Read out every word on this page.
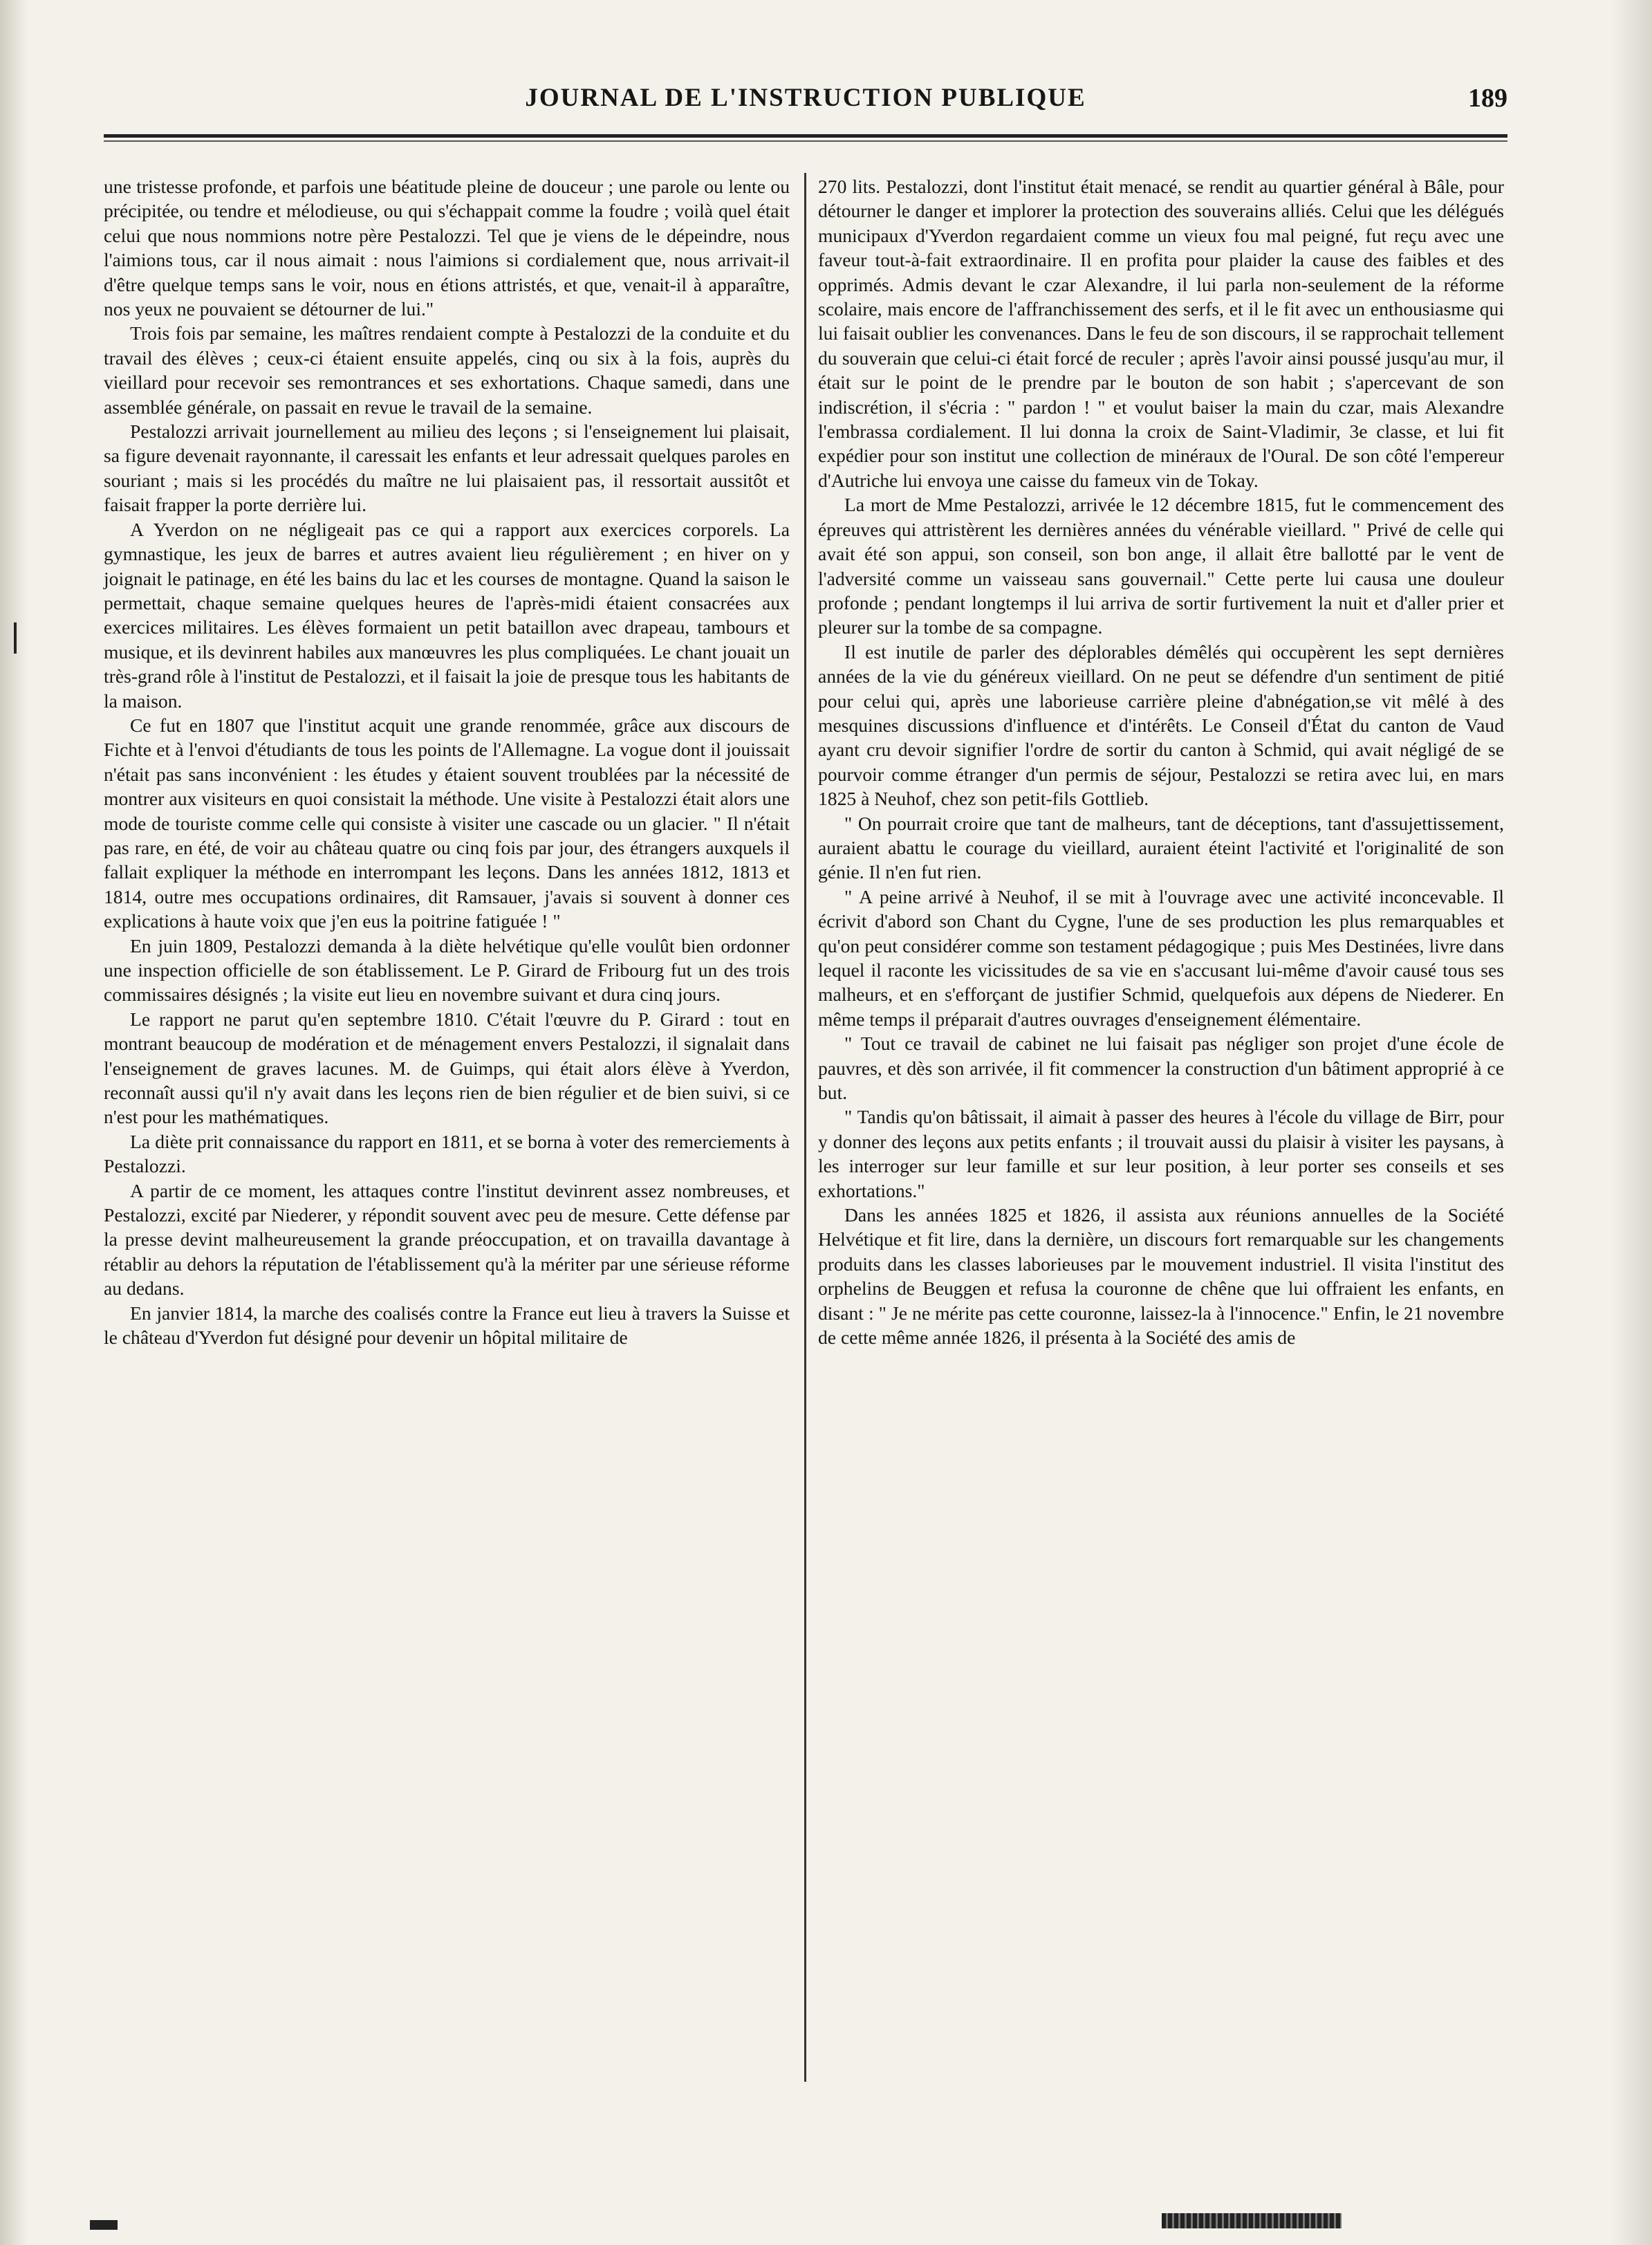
JOURNAL DE L'INSTRUCTION PUBLIQUE	189

une tristesse profonde, et parfois une béatitude pleine de douceur ; une parole ou lente ou précipitée, ou tendre et mélodieuse, ou qui s'échappait comme la foudre ; voilà quel était celui que nous nommions notre père Pestalozzi. Tel que je viens de le dépeindre, nous l'aimions tous, car il nous aimait : nous l'aimions si cordialement que, nous arrivait-il d'être quelque temps sans le voir, nous en étions attristés, et que, venait-il à apparaître, nos yeux ne pouvaient se détourner de lui."

Trois fois par semaine, les maîtres rendaient compte à Pestalozzi de la conduite et du travail des élèves ; ceux-ci étaient ensuite appelés, cinq ou six à la fois, auprès du vieillard pour recevoir ses remontrances et ses exhortations. Chaque samedi, dans une assemblée générale, on passait en revue le travail de la semaine.

Pestalozzi arrivait journellement au milieu des leçons ; si l'enseignement lui plaisait, sa figure devenait rayonnante, il caressait les enfants et leur adressait quelques paroles en souriant ; mais si les procédés du maître ne lui plaisaient pas, il ressortait aussitôt et faisait frapper la porte derrière lui.

A Yverdon on ne négligeait pas ce qui a rapport aux exercices corporels. La gymnastique, les jeux de barres et autres avaient lieu régulièrement ; en hiver on y joignait le patinage, en été les bains du lac et les courses de montagne. Quand la saison le permettait, chaque semaine quelques heures de l'après-midi étaient consacrées aux exercices militaires. Les élèves formaient un petit bataillon avec drapeau, tambours et musique, et ils devinrent habiles aux manœuvres les plus compliquées. Le chant jouait un très-grand rôle à l'institut de Pestalozzi, et il faisait la joie de presque tous les habitants de la maison.

Ce fut en 1807 que l'institut acquit une grande renommée, grâce aux discours de Fichte et à l'envoi d'étudiants de tous les points de l'Allemagne. La vogue dont il jouissait n'était pas sans inconvénient : les études y étaient souvent troublées par la nécessité de montrer aux visiteurs en quoi consistait la méthode. Une visite à Pestalozzi était alors une mode de touriste comme celle qui consiste à visiter une cascade ou un glacier. " Il n'était pas rare, en été, de voir au château quatre ou cinq fois par jour, des étrangers auxquels il fallait expliquer la méthode en interrompant les leçons. Dans les années 1812, 1813 et 1814, outre mes occupations ordinaires, dit Ramsauer, j'avais si souvent à donner ces explications à haute voix que j'en eus la poitrine fatiguée ! "

En juin 1809, Pestalozzi demanda à la diète helvétique qu'elle voulût bien ordonner une inspection officielle de son établissement. Le P. Girard de Fribourg fut un des trois commissaires désignés ; la visite eut lieu en novembre suivant et dura cinq jours.

Le rapport ne parut qu'en septembre 1810. C'était l'œuvre du P. Girard : tout en montrant beaucoup de modération et de ménagement envers Pestalozzi, il signalait dans l'enseignement de graves lacunes. M. de Guimps, qui était alors élève à Yverdon, reconnaît aussi qu'il n'y avait dans les leçons rien de bien régulier et de bien suivi, si ce n'est pour les mathématiques.

La diète prit connaissance du rapport en 1811, et se borna à voter des remerciements à Pestalozzi.

A partir de ce moment, les attaques contre l'institut devinrent assez nombreuses, et Pestalozzi, excité par Niederer, y répondit souvent avec peu de mesure. Cette défense par la presse devint malheureusement la grande préoccupation, et on travailla davantage à rétablir au dehors la réputation de l'établissement qu'à la mériter par une sérieuse réforme au dedans.

En janvier 1814, la marche des coalisés contre la France eut lieu à travers la Suisse et le château d'Yverdon fut désigné pour devenir un hôpital militaire de

270 lits. Pestalozzi, dont l'institut était menacé, se rendit au quartier général à Bâle, pour détourner le danger et implorer la protection des souverains alliés. Celui que les délégués municipaux d'Yverdon regardaient comme un vieux fou mal peigné, fut reçu avec une faveur tout-à-fait extraordinaire. Il en profita pour plaider la cause des faibles et des opprimés. Admis devant le czar Alexandre, il lui parla non-seulement de la réforme scolaire, mais encore de l'affranchissement des serfs, et il le fit avec un enthousiasme qui lui faisait oublier les convenances. Dans le feu de son discours, il se rapprochait tellement du souverain que celui-ci était forcé de reculer ; après l'avoir ainsi poussé jusqu'au mur, il était sur le point de le prendre par le bouton de son habit ; s'apercevant de son indiscrétion, il s'écria : " pardon ! " et voulut baiser la main du czar, mais Alexandre l'embrassa cordialement. Il lui donna la croix de Saint-Vladimir, 3e classe, et lui fit expédier pour son institut une collection de minéraux de l'Oural. De son côté l'empereur d'Autriche lui envoya une caisse du fameux vin de Tokay.

La mort de Mme Pestalozzi, arrivée le 12 décembre 1815, fut le commencement des épreuves qui attristèrent les dernières années du vénérable vieillard. " Privé de celle qui avait été son appui, son conseil, son bon ange, il allait être ballotté par le vent de l'adversité comme un vaisseau sans gouvernail." Cette perte lui causa une douleur profonde ; pendant longtemps il lui arriva de sortir furtivement la nuit et d'aller prier et pleurer sur la tombe de sa compagne.

Il est inutile de parler des déplorables démêlés qui occupèrent les sept dernières années de la vie du généreux vieillard. On ne peut se défendre d'un sentiment de pitié pour celui qui, après une laborieuse carrière pleine d'abnégation,se vit mêlé à des mesquines discussions d'influence et d'intérêts. Le Conseil d'État du canton de Vaud ayant cru devoir signifier l'ordre de sortir du canton à Schmid, qui avait négligé de se pourvoir comme étranger d'un permis de séjour, Pestalozzi se retira avec lui, en mars 1825 à Neuhof, chez son petit-fils Gottlieb.

" On pourrait croire que tant de malheurs, tant de déceptions, tant d'assujettissement, auraient abattu le courage du vieillard, auraient éteint l'activité et l'originalité de son génie. Il n'en fut rien.

" A peine arrivé à Neuhof, il se mit à l'ouvrage avec une activité inconcevable. Il écrivit d'abord son Chant du Cygne, l'une de ses production les plus remarquables et qu'on peut considérer comme son testament pédagogique ; puis Mes Destinées, livre dans lequel il raconte les vicissitudes de sa vie en s'accusant lui-même d'avoir causé tous ses malheurs, et en s'efforçant de justifier Schmid, quelquefois aux dépens de Niederer. En même temps il préparait d'autres ouvrages d'enseignement élémentaire.

" Tout ce travail de cabinet ne lui faisait pas négliger son projet d'une école de pauvres, et dès son arrivée, il fit commencer la construction d'un bâtiment approprié à ce but.

" Tandis qu'on bâtissait, il aimait à passer des heures à l'école du village de Birr, pour y donner des leçons aux petits enfants ; il trouvait aussi du plaisir à visiter les paysans, à les interroger sur leur famille et sur leur position, à leur porter ses conseils et ses exhortations."

Dans les années 1825 et 1826, il assista aux réunions annuelles de la Société Helvétique et fit lire, dans la dernière, un discours fort remarquable sur les changements produits dans les classes laborieuses par le mouvement industriel. Il visita l'institut des orphelins de Beuggen et refusa la couronne de chêne que lui offraient les enfants, en disant : " Je ne mérite pas cette couronne, laissez-la à l'innocence." Enfin, le 21 novembre de cette même année 1826, il présenta à la Société des amis de
